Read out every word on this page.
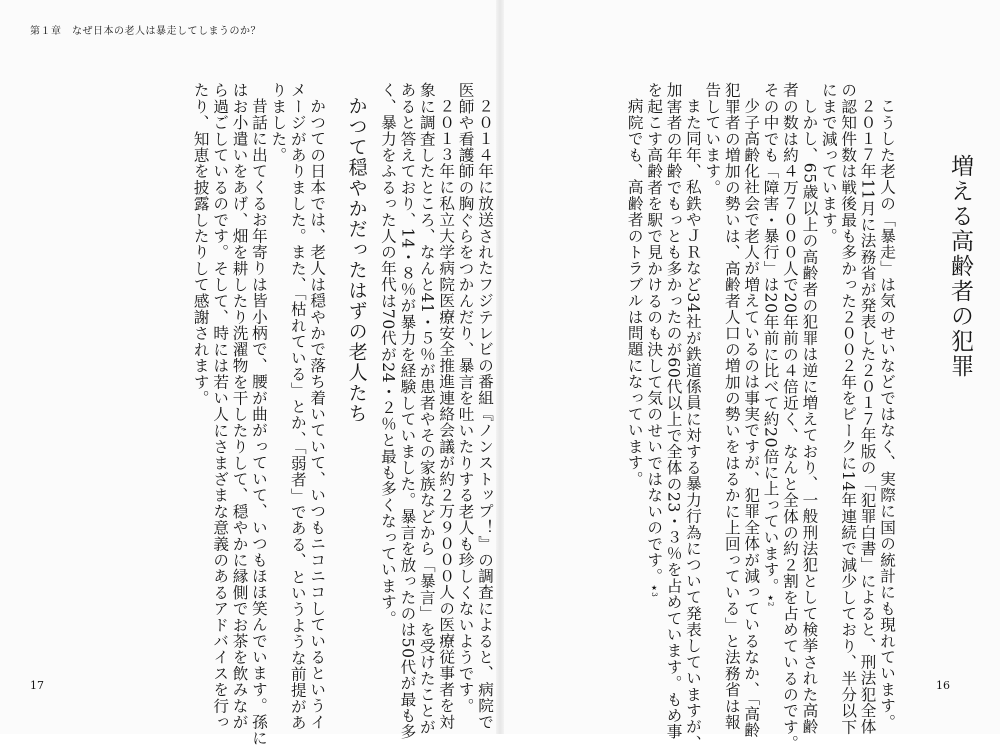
第１章　なぜ日本の老人は暴走してしまうのか？
増える高齢者の犯罪
こうした老人の「暴走」は気のせいなどではなく、実際に国の統計にも現れています。
２０１７年11月に法務省が発表した２０１７年版の「犯罪白書」によると、刑法犯全体
の認知件数は戦後最も多かった２００２年をピークに14年連続で減少しており、半分以下
にまで減っています。
しかし、65歳以上の高齢者の犯罪は逆に増えており、一般刑法犯として検挙された高齢
者の数は約４万７０００人で20年前の４倍近く、なんと全体の約２割を占めているのです。
その中でも「障害・暴行」は20年前に比べて約20倍に上っています。★2
少子高齢化社会で老人が増えているのは事実ですが、犯罪全体が減っているなか、「高齢
犯罪者の増加の勢いは、高齢者人口の増加の勢いをはるかに上回っている」と法務省は報
告しています。
また同年、私鉄やＪＲなど34社が鉄道係員に対する暴力行為について発表していますが、
加害者の年齢でもっとも多かったのが60代以上で全体の23・３％を占めています。もめ事
を起こす高齢者を駅で見かけるのも決して気のせいではないのです。★3
病院でも、高齢者のトラブルは問題になっています。
２０１４年に放送されたフジテレビの番組『ノンストップ！』の調査によると、病院で
医師や看護師の胸ぐらをつかんだり、暴言を吐いたりする老人も珍しくないようです。
２０１３年に私立大学病院医療安全推進連絡会議が約２万９０００人の医療従事者を対
象に調査したところ、なんと41・５％が患者やその家族などから「暴言」を受けたことが
あると答えており、14・８％が暴力を経験していました。暴言を放ったのは50代が最も多
く、暴力をふるった人の年代は70代が24・２％と最も多くなっています。
かつて穏やかだったはずの老人たち
かつての日本では、老人は穏やかで落ち着いていて、いつもニコニコしているというイ
メージがありました。また、「枯れている」とか、「弱者」である、というような前提があ
りました。
昔話に出てくるお年寄りは皆小柄で、腰が曲がっていて、いつもほほ笑んでいます。孫に
はお小遣いをあげ、畑を耕したり洗濯物を干したりして、穏やかに縁側でお茶を飲みなが
ら過ごしているのです。そして、時には若い人にさまざまな意義のあるアドバイスを行っ
たり、知恵を披露したりして感謝されます。
17	16
